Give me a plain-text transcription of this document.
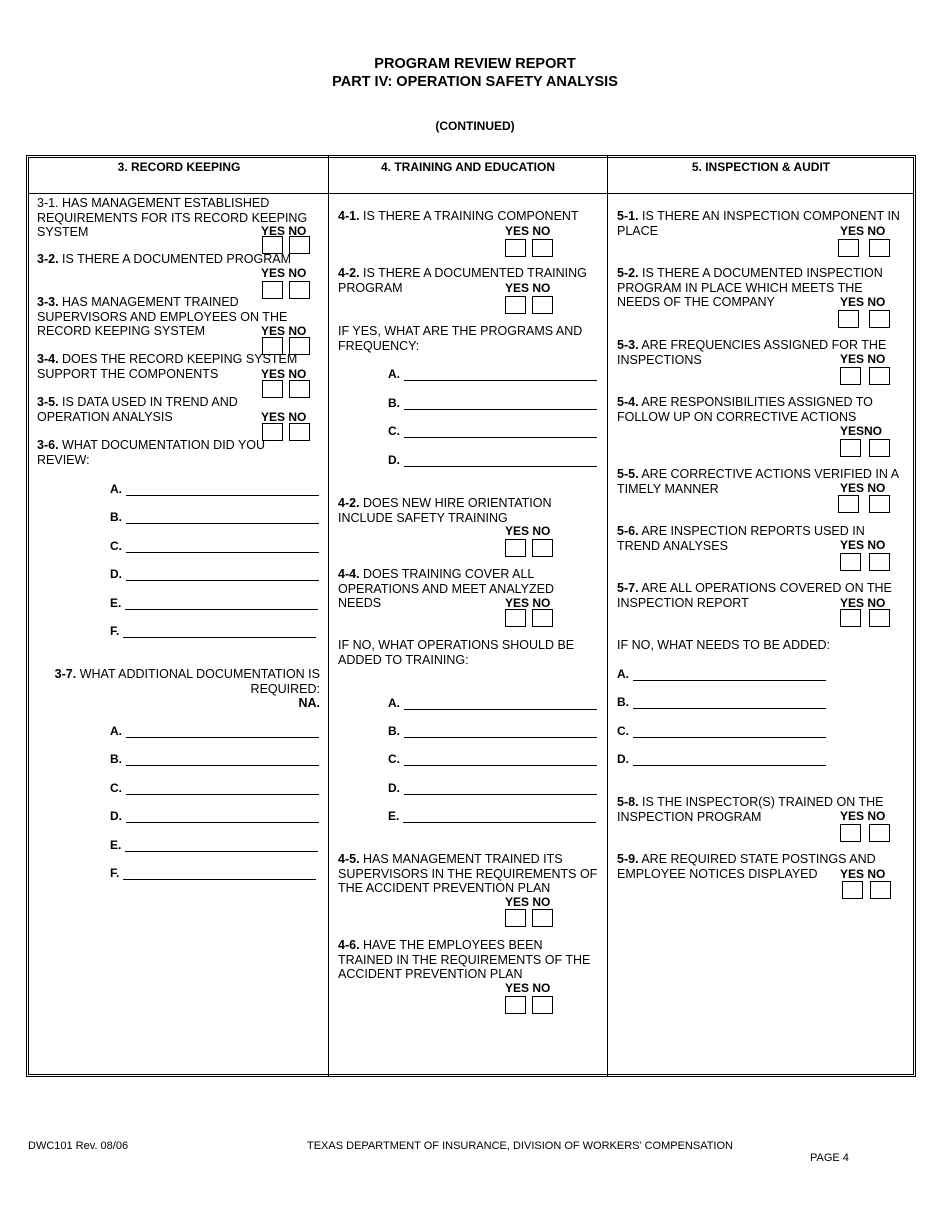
PROGRAM REVIEW REPORT
PART IV: OPERATION SAFETY ANALYSIS
(CONTINUED)
3. RECORD KEEPING	4. TRAINING AND EDUCATION	5. INSPECTION & AUDIT
3-1. HAS MANAGEMENT ESTABLISHED REQUIREMENTS FOR ITS RECORD KEEPING SYSTEM	YES NO
3-2. IS THERE A DOCUMENTED PROGRAM
YES NO
3-3. HAS MANAGEMENT TRAINED SUPERVISORS AND EMPLOYEES ON THE RECORD KEEPING SYSTEM	YES NO
3-4. DOES THE RECORD KEEPING SYSTEM SUPPORT THE COMPONENTS	YES NO
3-5. IS DATA USED IN TREND AND OPERATION ANALYSIS	YES NO
3-6. WHAT DOCUMENTATION DID YOU REVIEW:
A.
B.
C.
D.
E.
F.
3-7. WHAT ADDITIONAL DOCUMENTATION IS REQUIRED:
NA.
A.
B.
C.
D.
E.
F.
4-1. IS THERE A TRAINING COMPONENT
YES NO
4-2. IS THERE A DOCUMENTED TRAINING PROGRAM	YES NO
IF YES, WHAT ARE THE PROGRAMS AND FREQUENCY:
A.
B.
C.
D.
4-2. DOES NEW HIRE ORIENTATION INCLUDE SAFETY TRAINING
YES NO
4-4. DOES TRAINING COVER ALL OPERATIONS AND MEET ANALYZED NEEDS	YES NO
IF NO, WHAT OPERATIONS SHOULD BE ADDED TO TRAINING:
A.
B.
C.
D.
E.
4-5. HAS MANAGEMENT TRAINED ITS SUPERVISORS IN THE REQUIREMENTS OF THE ACCIDENT PREVENTION PLAN
YES NO
4-6. HAVE THE EMPLOYEES BEEN TRAINED IN THE REQUIREMENTS OF THE ACCIDENT PREVENTION PLAN
YES NO
5-1. IS THERE AN INSPECTION COMPONENT IN PLACE	YES NO
5-2. IS THERE A DOCUMENTED INSPECTION PROGRAM IN PLACE WHICH MEETS THE NEEDS OF THE COMPANY	YES NO
5-3. ARE FREQUENCIES ASSIGNED FOR THE INSPECTIONS	YES NO
5-4. ARE RESPONSIBILITIES ASSIGNED TO FOLLOW UP ON CORRECTIVE ACTIONS
YESNO
5-5. ARE CORRECTIVE ACTIONS VERIFIED IN A TIMELY MANNER	YES NO
5-6. ARE INSPECTION REPORTS USED IN TREND ANALYSES	YES NO
5-7. ARE ALL OPERATIONS COVERED ON THE INSPECTION REPORT	YES NO
IF NO, WHAT NEEDS TO BE ADDED:
A.
B.
C.
D.
5-8. IS THE INSPECTOR(S) TRAINED ON THE INSPECTION PROGRAM	YES NO
5-9. ARE REQUIRED STATE POSTINGS AND EMPLOYEE NOTICES DISPLAYED	YES NO
DWC101 Rev. 08/06	TEXAS DEPARTMENT OF INSURANCE, DIVISION OF WORKERS’ COMPENSATION
PAGE 4
